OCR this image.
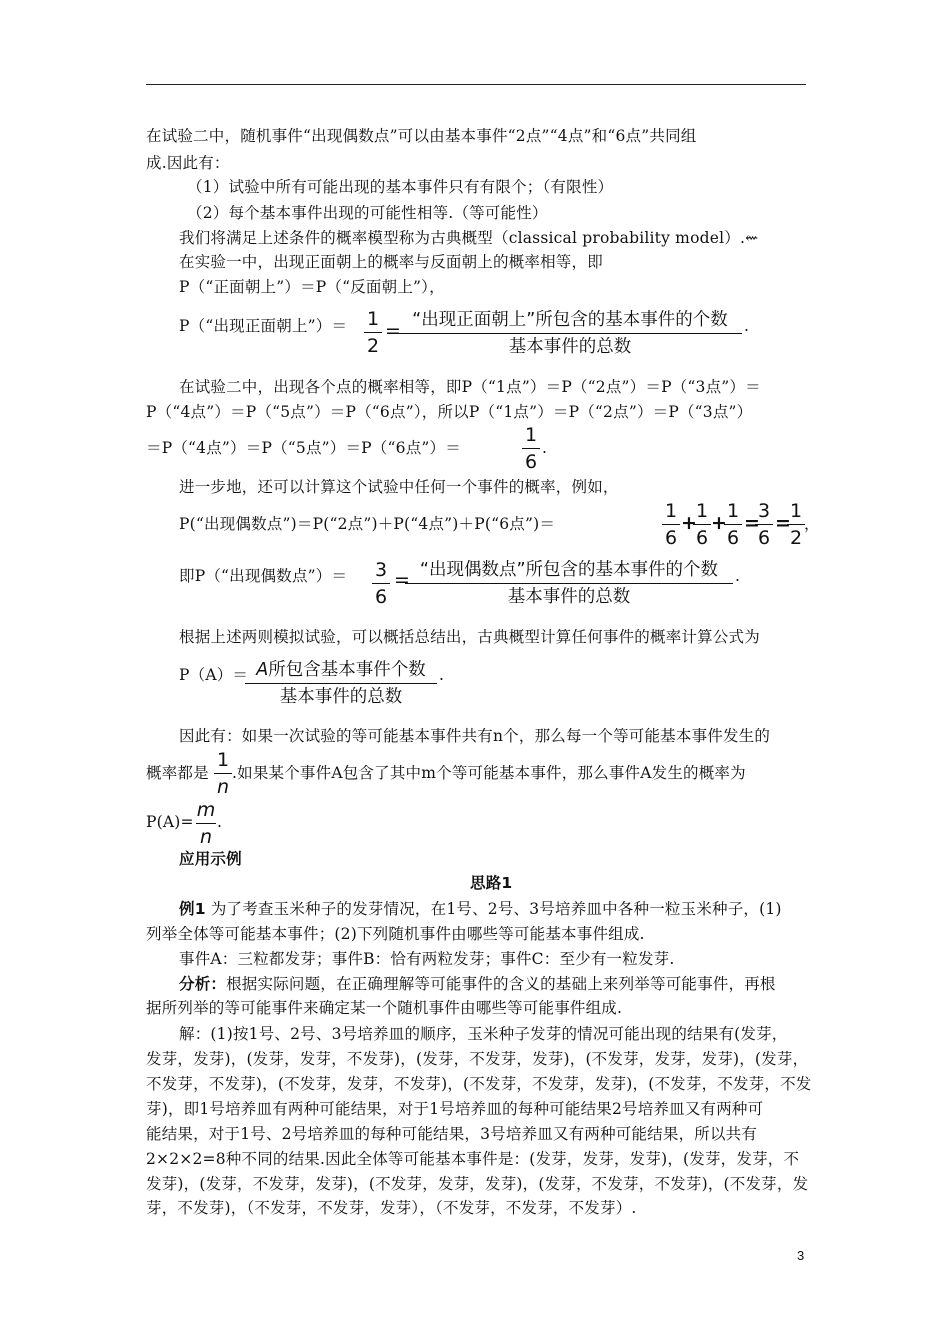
在试验二中，随机事件“出现偶数点”可以由基本事件“2点”“4点”和“6点”共同组
成.因此有：
（1）试验中所有可能出现的基本事件只有有限个；（有限性）
（2）每个基本事件出现的可能性相等.（等可能性）
我们将满足上述条件的概率模型称为古典概型（classical probability model）.⇜
在实验一中，出现正面朝上的概率与反面朝上的概率相等，即
P（“正面朝上”）＝P（“反面朝上”），
P（“出现正面朝上”）＝ 1
2
= “出现正面朝上”所包含的基本事件的个数
基本事件的总数
.
在试验二中，出现各个点的概率相等，即P（“1点”）＝P（“2点”）＝P（“3点”）＝
P（“4点”）＝P（“5点”）＝P（“6点”），所以P（“1点”）＝P（“2点”）＝P（“3点”）
＝P（“4点”）＝P（“5点”）＝P（“6点”）＝
1
6
.
进一步地，还可以计算这个试验中任何一个事件的概率，例如，
P(“出现偶数点”)＝P(“2点”)＋P(“4点”)＋P(“6点”)＝
1
6
+
1
6
+
1
6
=
3
6
=
1
2
，
即P（“出现偶数点”）＝ 3
6
= “出现偶数点”所包含的基本事件的个数
基本事件的总数
.
根据上述两则模拟试验，可以概括总结出，古典概型计算任何事件的概率计算公式为
P（A）＝ A所包含基本事件个数
基本事件的总数
.
因此有：如果一次试验的等可能基本事件共有n个，那么每一个等可能基本事件发生的
概率都是
1
n
.如果某个事件A包含了其中m个等可能基本事件，那么事件A发生的概率为
P(A)=
m
n
.
应用示例
思路1
例1 为了考查玉米种子的发芽情况，在1号、2号、3号培养皿中各种一粒玉米种子，(1)
列举全体等可能基本事件；(2)下列随机事件由哪些等可能基本事件组成.
事件A：三粒都发芽；事件B：恰有两粒发芽；事件C：至少有一粒发芽.
分析：根据实际问题，在正确理解等可能事件的含义的基础上来列举等可能事件，再根
据所列举的等可能事件来确定某一个随机事件由哪些等可能事件组成.
解：(1)按1号、2号、3号培养皿的顺序，玉米种子发芽的情况可能出现的结果有(发芽，
发芽，发芽)，(发芽，发芽，不发芽)，(发芽，不发芽，发芽)，(不发芽，发芽，发芽)，(发芽，
不发芽，不发芽)，(不发芽，发芽，不发芽)，(不发芽，不发芽，发芽)，(不发芽，不发芽，不发
芽)，即1号培养皿有两种可能结果，对于1号培养皿的每种可能结果2号培养皿又有两种可
能结果，对于1号、2号培养皿的每种可能结果，3号培养皿又有两种可能结果，所以共有
2×2×2=8种不同的结果.因此全体等可能基本事件是：(发芽，发芽，发芽)，(发芽，发芽，不
发芽)，(发芽，不发芽，发芽)，(不发芽，发芽，发芽)，(发芽，不发芽，不发芽)，(不发芽，发
芽，不发芽)，（不发芽，不发芽，发芽），（不发芽，不发芽，不发芽）.
3
